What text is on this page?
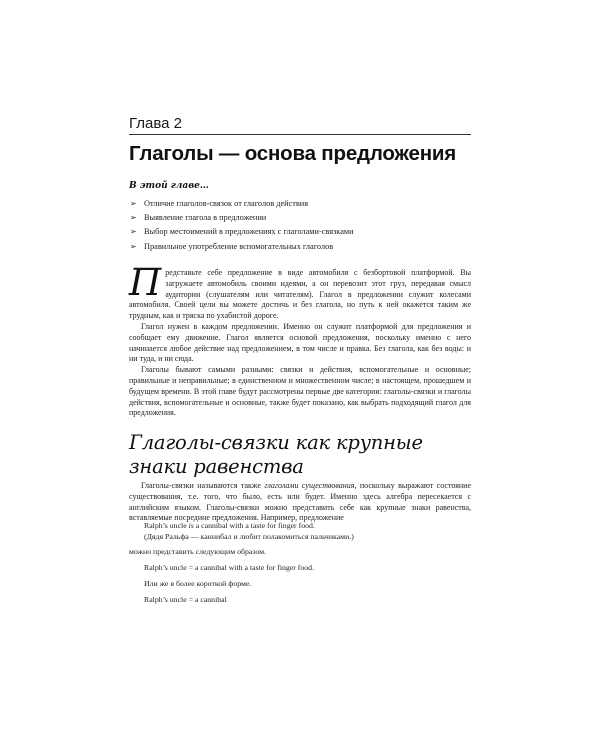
Глава 2
Глаголы — основа предложения
В этой главе…
➢ Отличие глаголов-связок от глаголов действия
➢ Выявление глагола в предложении
➢ Выбор местоимений в предложениях с глаголами-связками
➢ Правильное употребление вспомогательных глаголов

Представьте себе предложение в виде автомобиля с безбортовой платформой. Вы загружаете автомобиль своими идеями, а он перевозит этот груз, передавая смысл аудитории (слушателям или читателям). Глагол в предложении служит колесами автомобиля. Своей цели вы можете достичь и без глагола, но путь к ней окажется таким же трудным, как и тряска по ухабистой дороге.

Глагол нужен в каждом предложении. Именно он служит платформой для предложения и сообщает ему движение. Глагол является основой предложения, поскольку именно с него начинается любое действие над предложением, в том числе и правка. Без глагола, как без воды: и ни туда, и ни сюда.

Глаголы бывают самыми разными: связки и действия, вспомогательные и основные; правильные и неправильные; в единственном и множественном числе; в настоящем, прошедшем и будущем времени. В этой главе будут рассмотрены первые две категории: глаголы-связки и глаголы действия, вспомогательные и основные, также будет показано, как выбрать подходящий глагол для предложения.

Глаголы-связки как крупные знаки равенства

Глаголы-связки называются также глаголами существования, поскольку выражают состояние существования, т.е. того, что было, есть или будет. Именно здесь алгебра пересекается с английским языком. Глаголы-связки можно представить себе как крупные знаки равенства, вставляемые посредине предложения. Например, предложение

Ralph’s uncle is a cannibal with a taste for finger food.
(Дядя Ральфа — каннибал и любит полакомиться пальчиками.)
можно представить следующим образом.
Ralph’s uncle = a cannibal with a taste for finger food.
Или же в более короткой форме.
Ralph’s uncle = a cannibal
